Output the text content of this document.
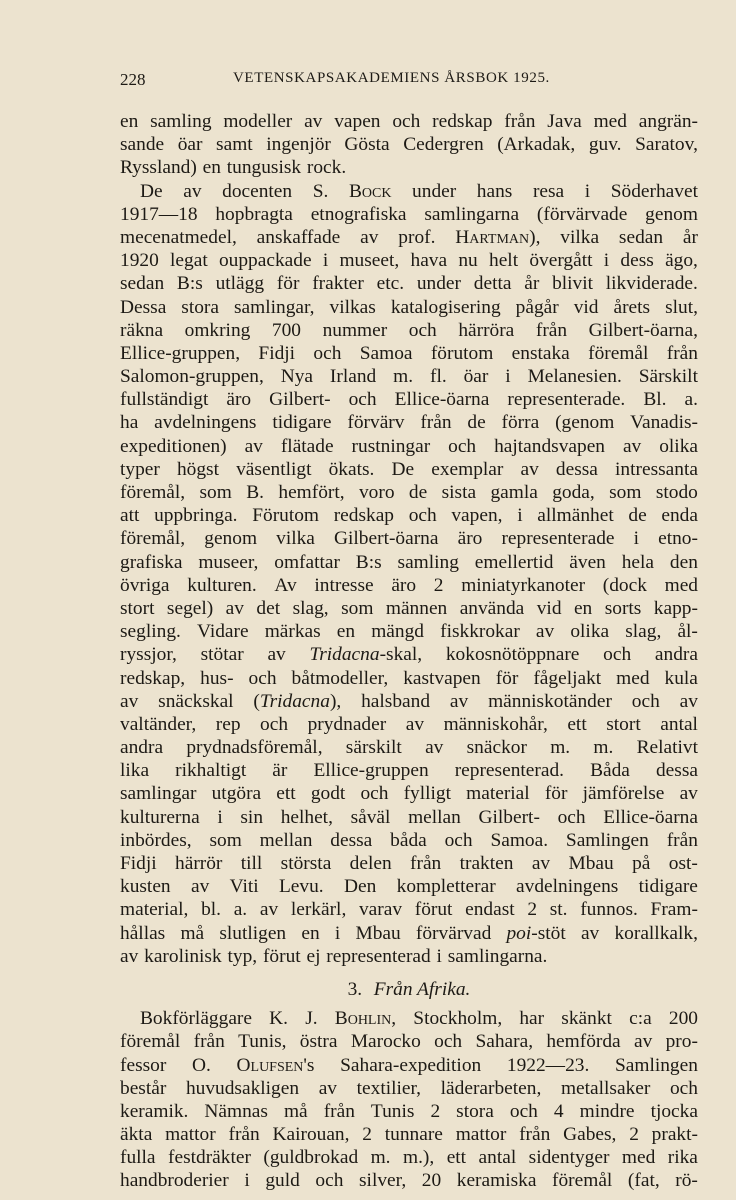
228	VETENSKAPSAKADEMIENS ÅRSBOK 1925.
en samling modeller av vapen och redskap från Java med angrän-
sande öar samt ingenjör Gösta Cedergren (Arkadak, guv. Saratov,
Ryssland) en tungusisk rock.
De av docenten S. Bock under hans resa i Söderhavet
1917—18 hopbragta etnografiska samlingarna (förvärvade genom
mecenatmedel, anskaffade av prof. Hartman), vilka sedan år
1920 legat ouppackade i museet, hava nu helt övergått i dess ägo,
sedan B:s utlägg för frakter etc. under detta år blivit likviderade.
Dessa stora samlingar, vilkas katalogisering pågår vid årets slut,
räkna omkring 700 nummer och härröra från Gilbert-öarna,
Ellice-gruppen, Fidji och Samoa förutom enstaka föremål från
Salomon-gruppen, Nya Irland m. fl. öar i Melanesien. Särskilt
fullständigt äro Gilbert- och Ellice-öarna representerade. Bl. a.
ha avdelningens tidigare förvärv från de förra (genom Vanadis-
expeditionen) av flätade rustningar och hajtandsvapen av olika
typer högst väsentligt ökats. De exemplar av dessa intressanta
föremål, som B. hemfört, voro de sista gamla goda, som stodo
att uppbringa. Förutom redskap och vapen, i allmänhet de enda
föremål, genom vilka Gilbert-öarna äro representerade i etno-
grafiska museer, omfattar B:s samling emellertid även hela den
övriga kulturen. Av intresse äro 2 miniatyrkanoter (dock med
stort segel) av det slag, som männen använda vid en sorts kapp-
segling. Vidare märkas en mängd fiskkrokar av olika slag, ål-
ryssjor, stötar av Tridacna-skal, kokosnötöppnare och andra
redskap, hus- och båtmodeller, kastvapen för fågeljakt med kula
av snäckskal (Tridacna), halsband av människotänder och av
valtänder, rep och prydnader av människohår, ett stort antal
andra prydnadsföremål, särskilt av snäckor m. m. Relativt
lika rikhaltigt är Ellice-gruppen representerad. Båda dessa
samlingar utgöra ett godt och fylligt material för jämförelse av
kulturerna i sin helhet, såväl mellan Gilbert- och Ellice-öarna
inbördes, som mellan dessa båda och Samoa. Samlingen från
Fidji härrör till största delen från trakten av Mbau på ost-
kusten av Viti Levu. Den kompletterar avdelningens tidigare
material, bl. a. av lerkärl, varav förut endast 2 st. funnos. Fram-
hållas må slutligen en i Mbau förvärvad poi-stöt av korallkalk,
av karolinisk typ, förut ej representerad i samlingarna.
3. Från Afrika.
Bokförläggare K. J. Bohlin, Stockholm, har skänkt c:a 200
föremål från Tunis, östra Marocko och Sahara, hemförda av pro-
fessor O. Olufsen's Sahara-expedition 1922—23. Samlingen
består huvudsakligen av textilier, läderarbeten, metallsaker och
keramik. Nämnas må från Tunis 2 stora och 4 mindre tjocka
äkta mattor från Kairouan, 2 tunnare mattor från Gabes, 2 prakt-
fulla festdräkter (guldbrokad m. m.), ett antal sidentyger med rika
handbroderier i guld och silver, 20 keramiska föremål (fat, rö-
